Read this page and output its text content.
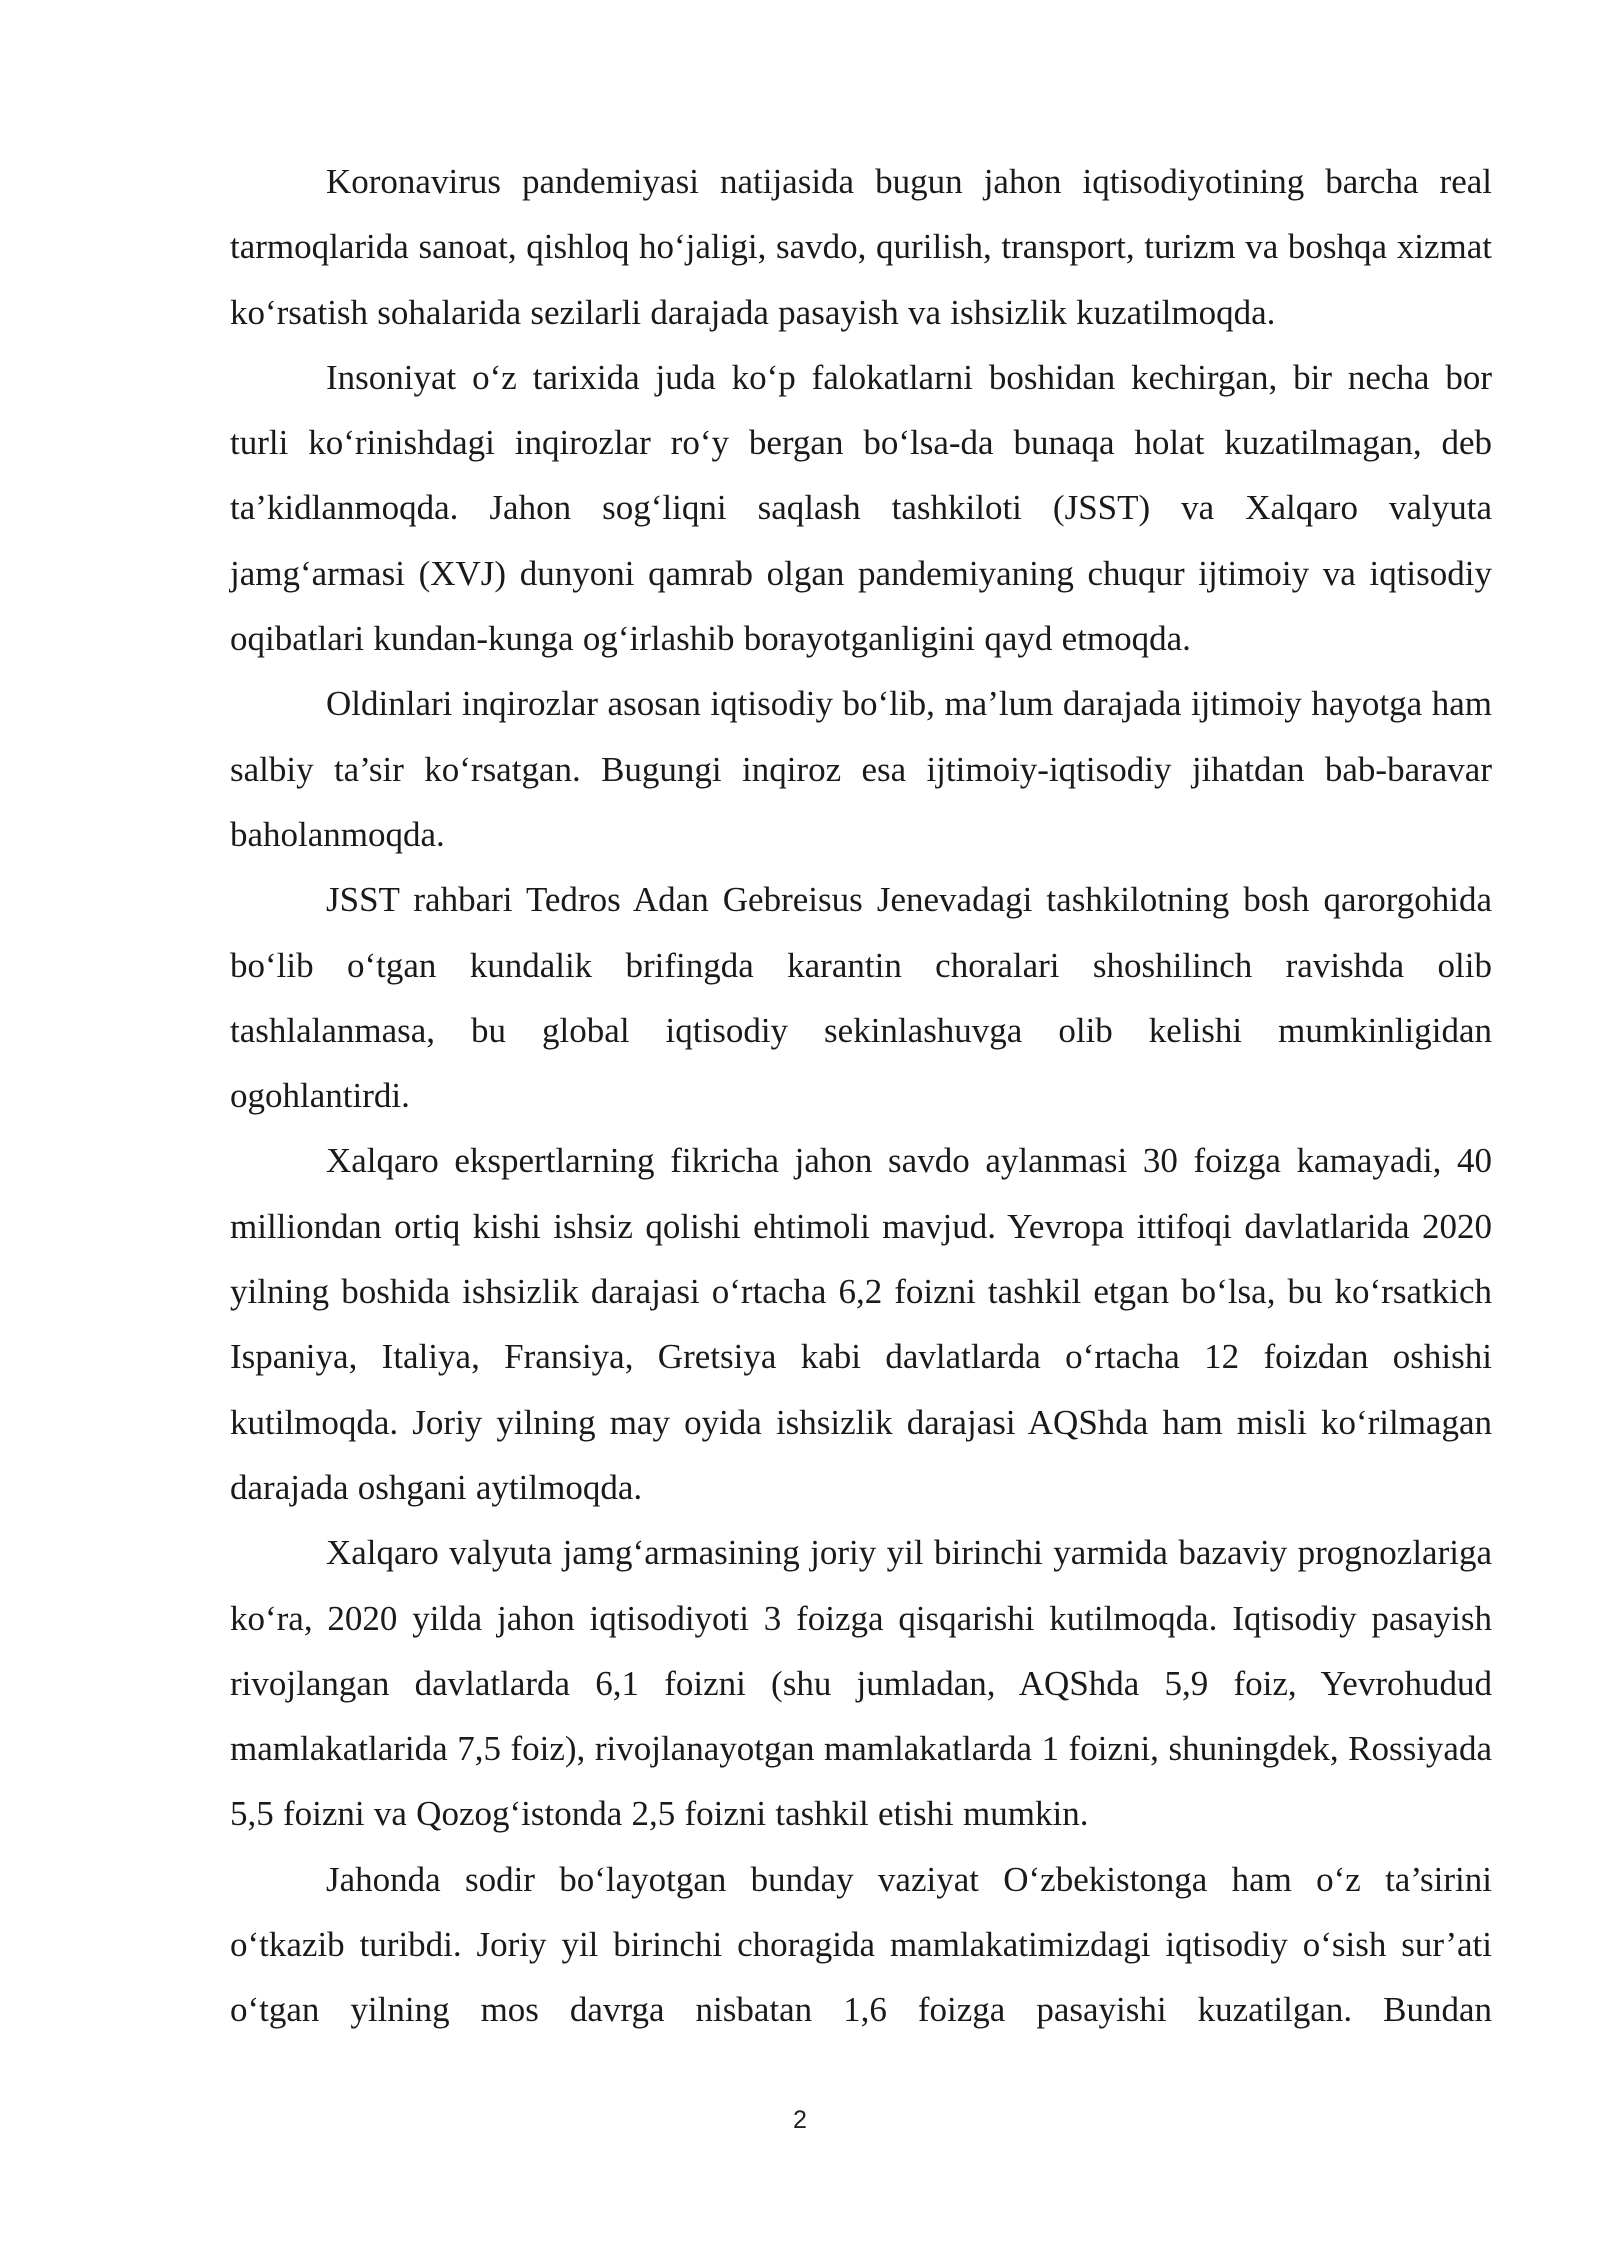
Koronavirus pandemiyasi natijasida bugun jahon iqtisodiyotining barcha real tarmoqlarida sanoat, qishloq ho‘jaligi, savdo, qurilish, transport, turizm va boshqa xizmat ko‘rsatish sohalarida sezilarli darajada pasayish va ishsizlik kuzatilmoqda.

Insoniyat o‘z tarixida juda ko‘p falokatlarni boshidan kechirgan, bir necha bor turli ko‘rinishdagi inqirozlar ro‘y bergan bo‘lsa-da bunaqa holat kuzatilmagan, deb ta’kidlanmoqda. Jahon sog‘liqni saqlash tashkiloti (JSST) va Xalqaro valyuta jamg‘armasi (XVJ) dunyoni qamrab olgan pandemiyaning chuqur ijtimoiy va iqtisodiy oqibatlari kundan-kunga og‘irlashib borayotganligini qayd etmoqda.

Oldinlari inqirozlar asosan iqtisodiy bo‘lib, ma’lum darajada ijtimoiy hayotga ham salbiy ta’sir ko‘rsatgan. Bugungi inqiroz esa ijtimoiy-iqtisodiy jihatdan bab-baravar baholanmoqda.

JSST rahbari Tedros Adan Gebreisus Jenevadagi tashkilotning bosh qarorgohida bo‘lib o‘tgan kundalik brifingda karantin choralari shoshilinch ravishda olib tashlalanmasa, bu global iqtisodiy sekinlashuvga olib kelishi mumkinligidan ogohlantirdi.

Xalqaro ekspertlarning fikricha jahon savdo aylanmasi 30 foizga kamayadi, 40 milliondan ortiq kishi ishsiz qolishi ehtimoli mavjud. Yevropa ittifoqi davlatlarida 2020 yilning boshida ishsizlik darajasi o‘rtacha 6,2 foizni tashkil etgan bo‘lsa, bu ko‘rsatkich Ispaniya, Italiya, Fransiya, Gretsiya kabi davlatlarda o‘rtacha 12 foizdan oshishi kutilmoqda. Joriy yilning may oyida ishsizlik darajasi AQShda ham misli ko‘rilmagan darajada oshgani aytilmoqda.

Xalqaro valyuta jamg‘armasining joriy yil birinchi yarmida bazaviy prognozlariga ko‘ra, 2020 yilda jahon iqtisodiyoti 3 foizga qisqarishi kutilmoqda. Iqtisodiy pasayish rivojlangan davlatlarda 6,1 foizni (shu jumladan, AQShda 5,9 foiz, Yevrohudud mamlakatlarida 7,5 foiz), rivojlanayotgan mamlakatlarda 1 foizni, shuningdek, Rossiyada 5,5 foizni va Qozog‘istonda 2,5 foizni tashkil etishi mumkin.

Jahonda sodir bo‘layotgan bunday vaziyat O‘zbekistonga ham o‘z ta’sirini o‘tkazib turibdi. Joriy yil birinchi choragida mamlakatimizdagi iqtisodiy o‘sish sur’ati o‘tgan yilning mos davrga nisbatan 1,6 foizga pasayishi kuzatilgan. Bundan

2
